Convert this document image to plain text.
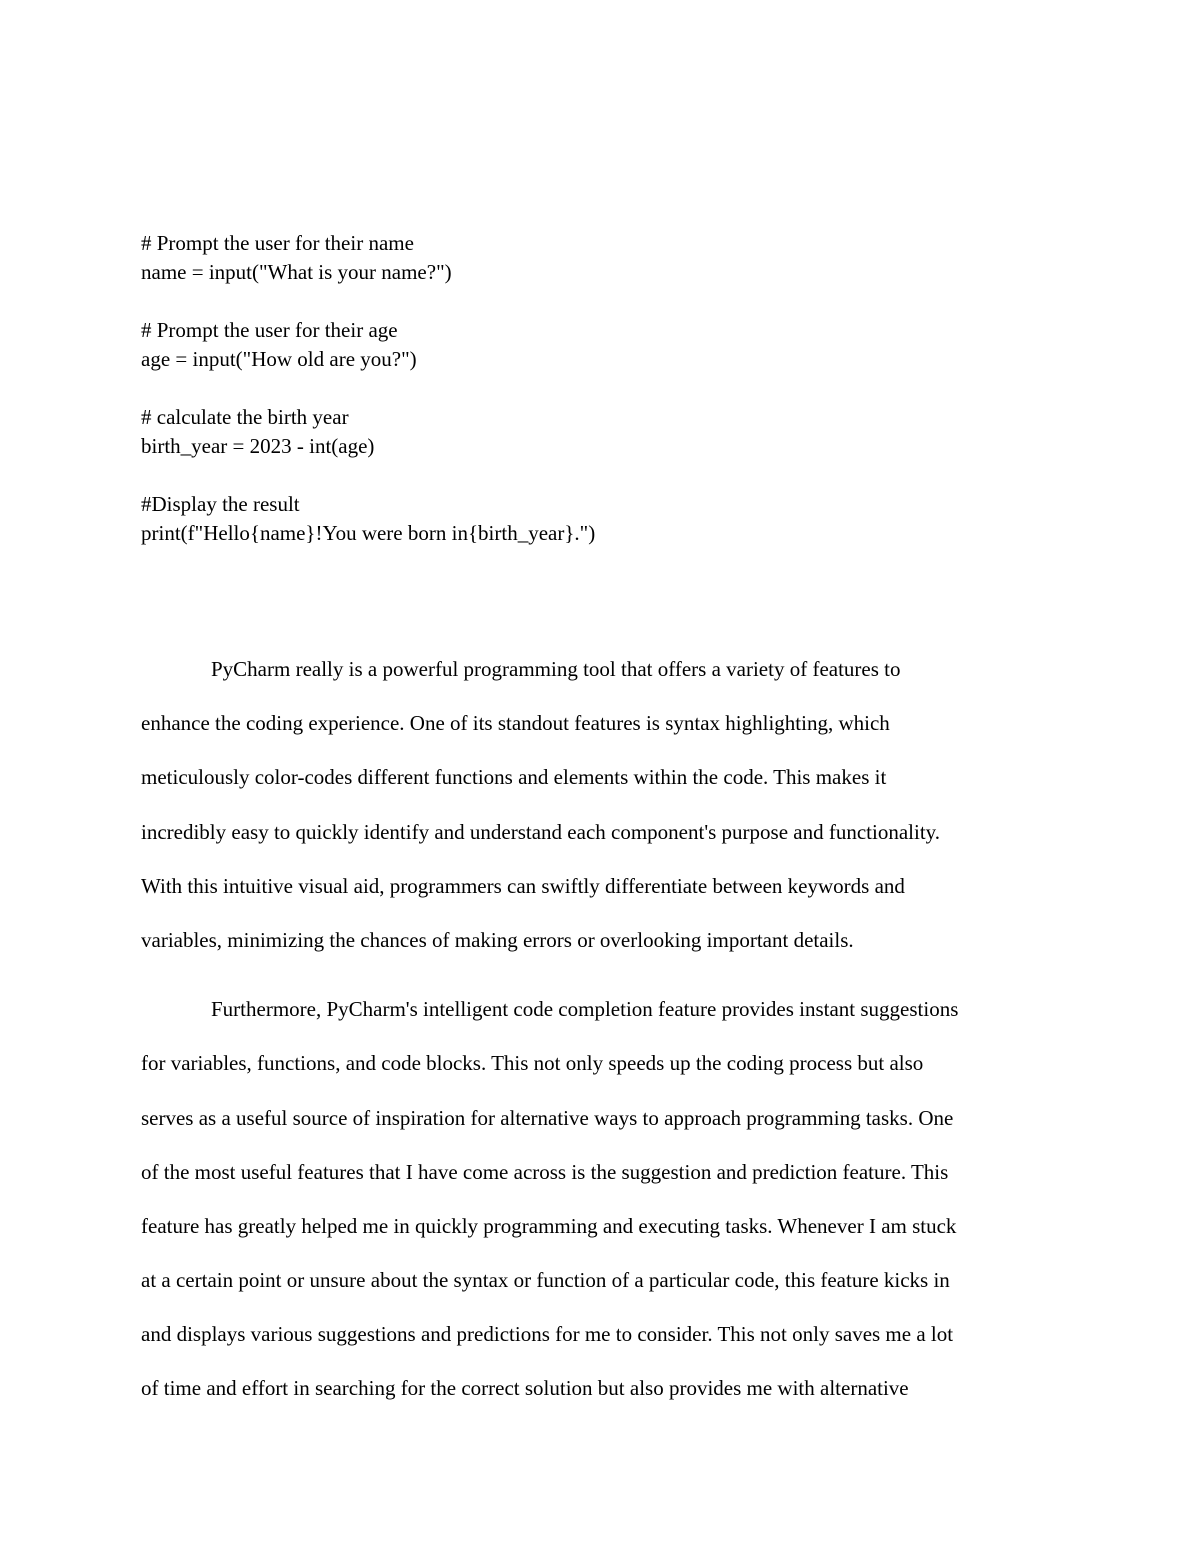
# Prompt the user for their name
name = input("What is your name?")
# Prompt the user for their age
age = input("How old are you?")
# calculate the birth year
birth_year = 2023 - int(age)
#Display the result
print(f"Hello{name}!You were born in{birth_year}.")
PyCharm really is a powerful programming tool that offers a variety of features to
enhance the coding experience. One of its standout features is syntax highlighting, which
meticulously color-codes different functions and elements within the code. This makes it
incredibly easy to quickly identify and understand each component's purpose and functionality.
With this intuitive visual aid, programmers can swiftly differentiate between keywords and
variables, minimizing the chances of making errors or overlooking important details.
Furthermore, PyCharm's intelligent code completion feature provides instant suggestions
for variables, functions, and code blocks. This not only speeds up the coding process but also
serves as a useful source of inspiration for alternative ways to approach programming tasks. One
of the most useful features that I have come across is the suggestion and prediction feature. This
feature has greatly helped me in quickly programming and executing tasks. Whenever I am stuck
at a certain point or unsure about the syntax or function of a particular code, this feature kicks in
and displays various suggestions and predictions for me to consider. This not only saves me a lot
of time and effort in searching for the correct solution but also provides me with alternative
